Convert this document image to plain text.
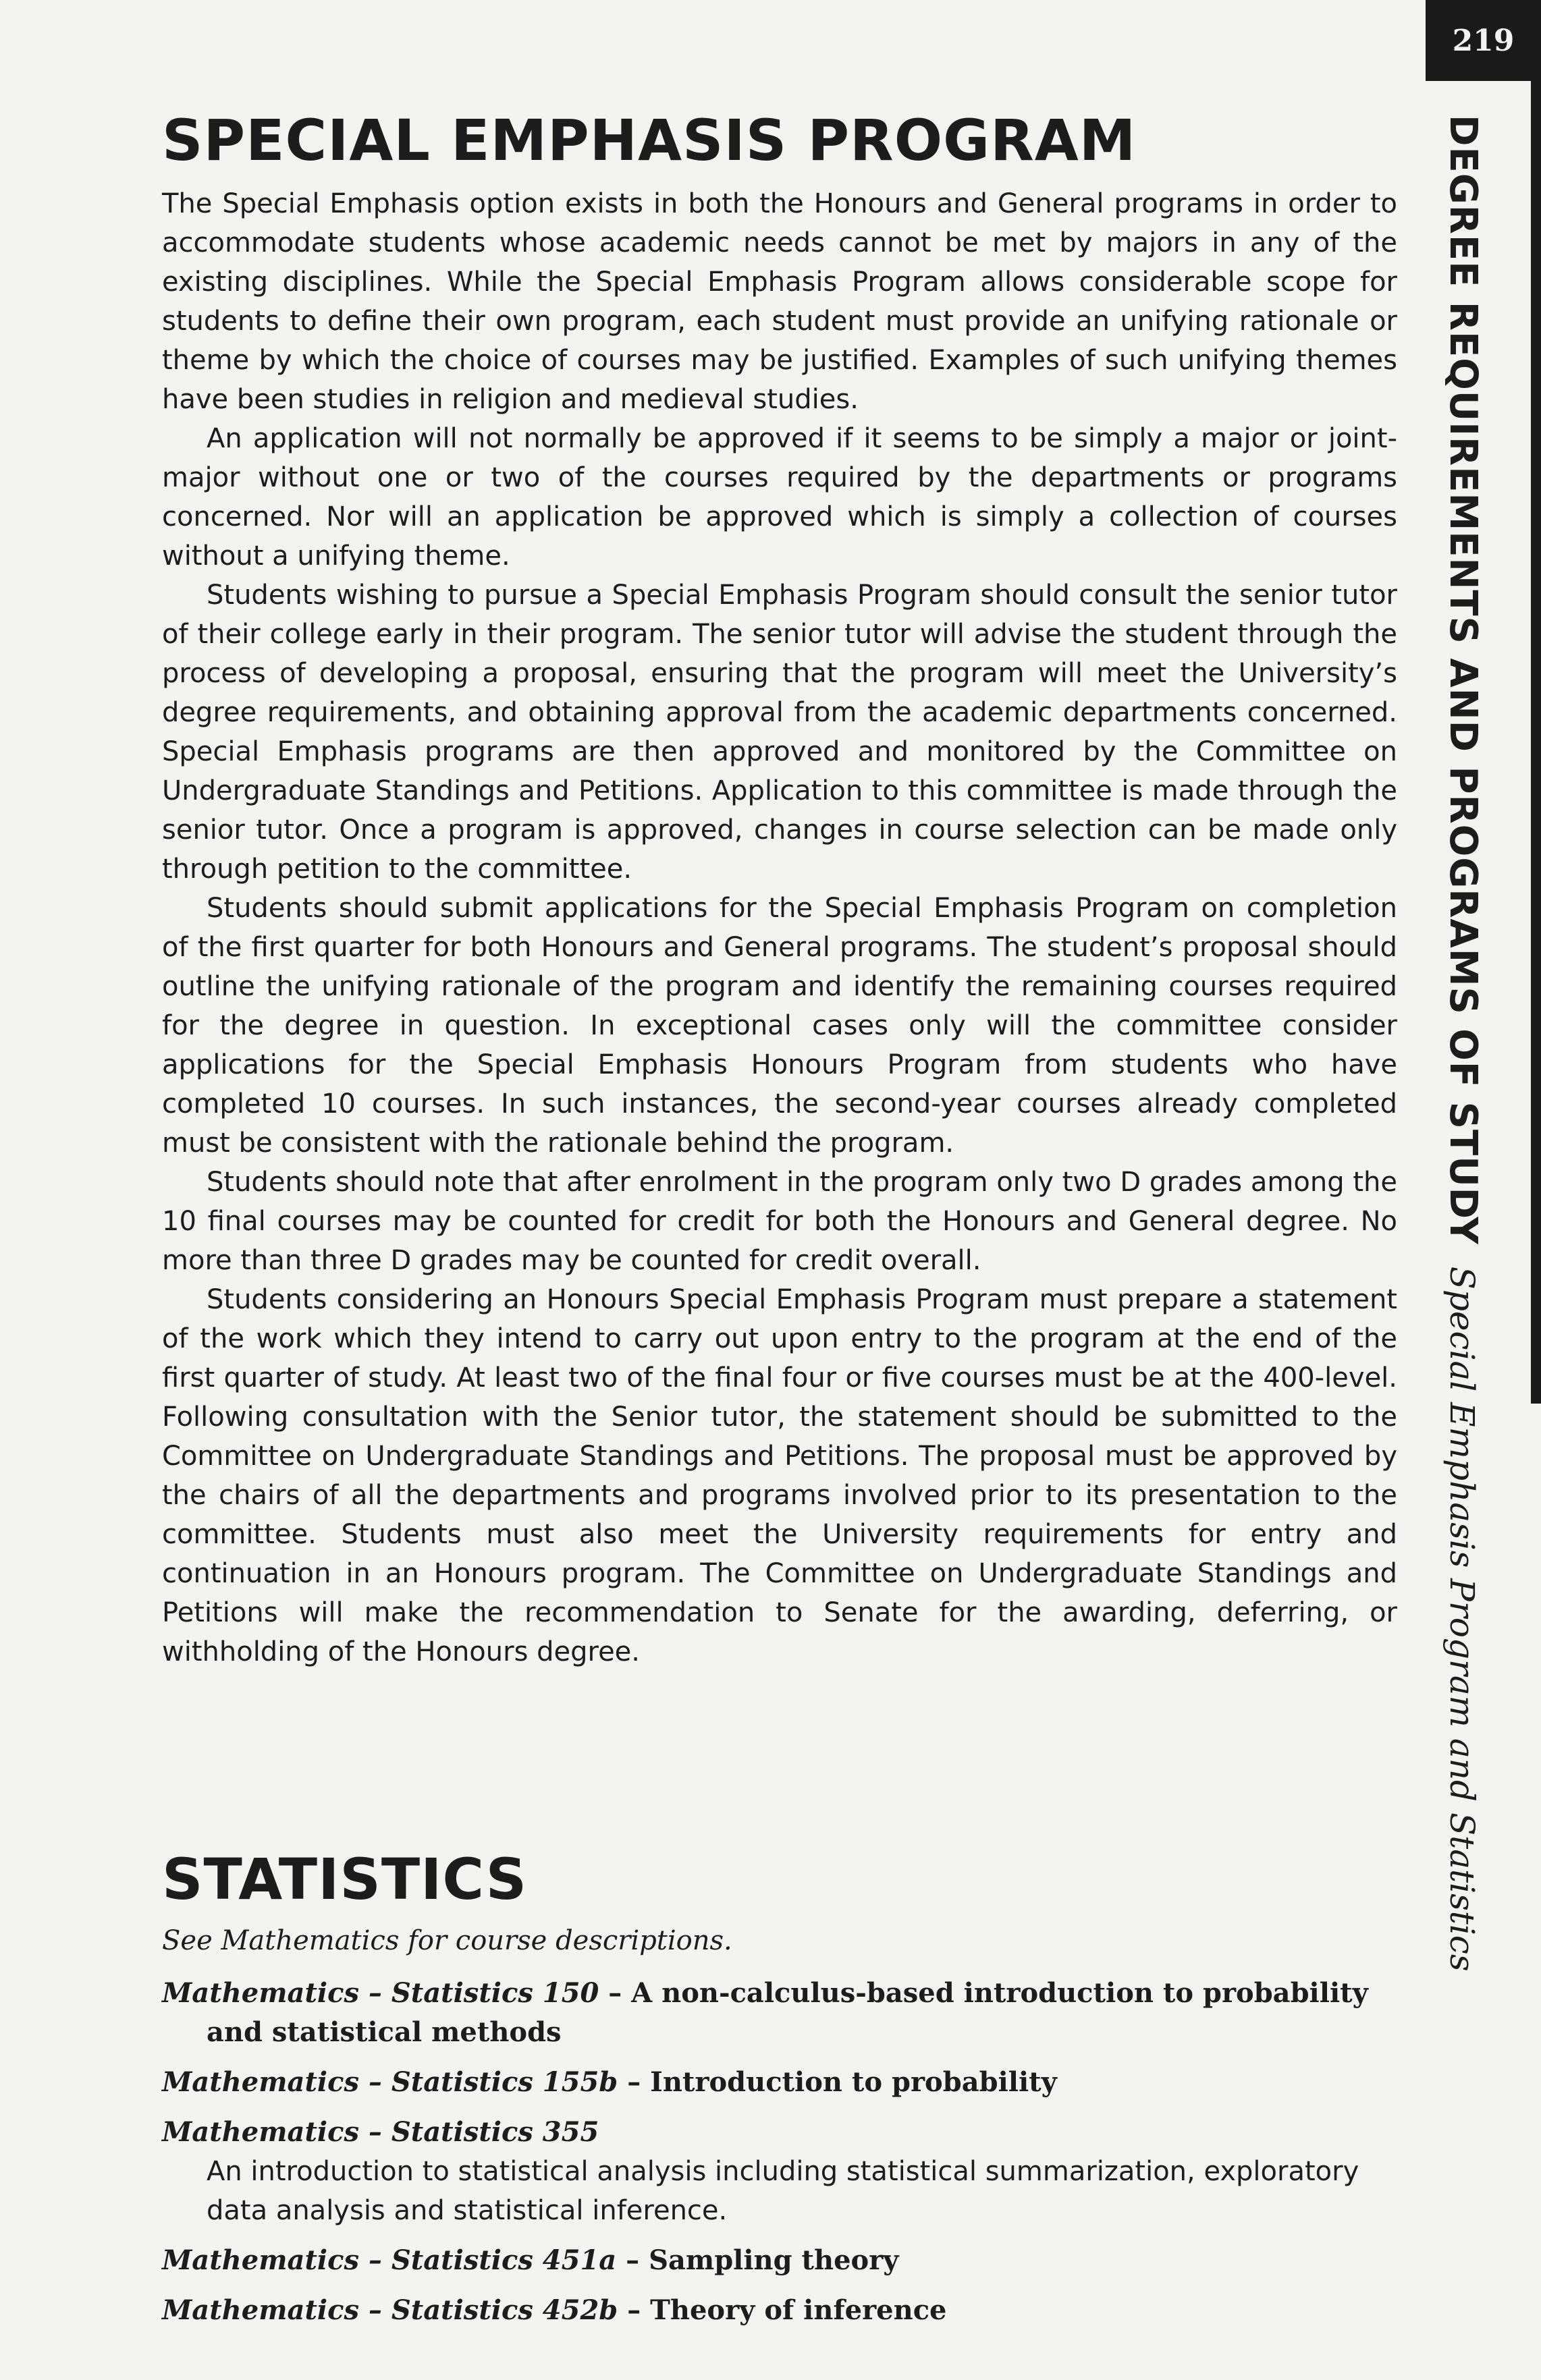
219
DEGREE REQUIREMENTS AND PROGRAMS OF STUDYSpecial Emphasis Program and Statistics
SPECIAL EMPHASIS PROGRAM

The Special Emphasis option exists in both the Honours and General programs in order to accommodate students whose academic needs cannot be met by majors in any of the existing disciplines. While the Special Emphasis Program allows considerable scope for students to define their own program, each student must provide an unifying rationale or theme by which the choice of courses may be justified. Examples of such unifying themes have been studies in religion and medieval studies.

An application will not normally be approved if it seems to be simply a major or joint-major without one or two of the courses required by the departments or programs concerned. Nor will an application be approved which is simply a collection of courses without a unifying theme.

Students wishing to pursue a Special Emphasis Program should consult the senior tutor of their college early in their program. The senior tutor will advise the student through the process of developing a proposal, ensuring that the program will meet the University’s degree requirements, and obtaining approval from the academic departments concerned. Special Emphasis programs are then approved and monitored by the Committee on Undergraduate Standings and Petitions. Application to this committee is made through the senior tutor. Once a program is approved, changes in course selection can be made only through petition to the committee.

Students should submit applications for the Special Emphasis Program on completion of the first quarter for both Honours and General programs. The student’s proposal should outline the unifying rationale of the program and identify the remaining courses required for the degree in question. In exceptional cases only will the committee consider applications for the Special Emphasis Honours Program from students who have completed 10 courses. In such instances, the second-year courses already completed must be consistent with the rationale behind the program.

Students should note that after enrolment in the program only two D grades among the 10 final courses may be counted for credit for both the Honours and General degree. No more than three D grades may be counted for credit overall.

Students considering an Honours Special Emphasis Program must prepare a statement of the work which they intend to carry out upon entry to the program at the end of the first quarter of study. At least two of the final four or five courses must be at the 400-level. Following consultation with the Senior tutor, the statement should be submitted to the Committee on Undergraduate Standings and Petitions. The proposal must be approved by the chairs of all the departments and programs involved prior to its presentation to the committee. Students must also meet the University requirements for entry and continuation in an Honours program. The Committee on Undergraduate Standings and Petitions will make the recommendation to Senate for the awarding, deferring, or withholding of the Honours degree.

STATISTICS
See Mathematics for course descriptions.
Mathematics – Statistics 150 – A non-calculus-based introduction to probability and statistical methods
Mathematics – Statistics 155b – Introduction to probability
Mathematics – Statistics 355
An introduction to statistical analysis including statistical summarization, exploratory data analysis and statistical inference.
Mathematics – Statistics 451a – Sampling theory
Mathematics – Statistics 452b – Theory of inference
